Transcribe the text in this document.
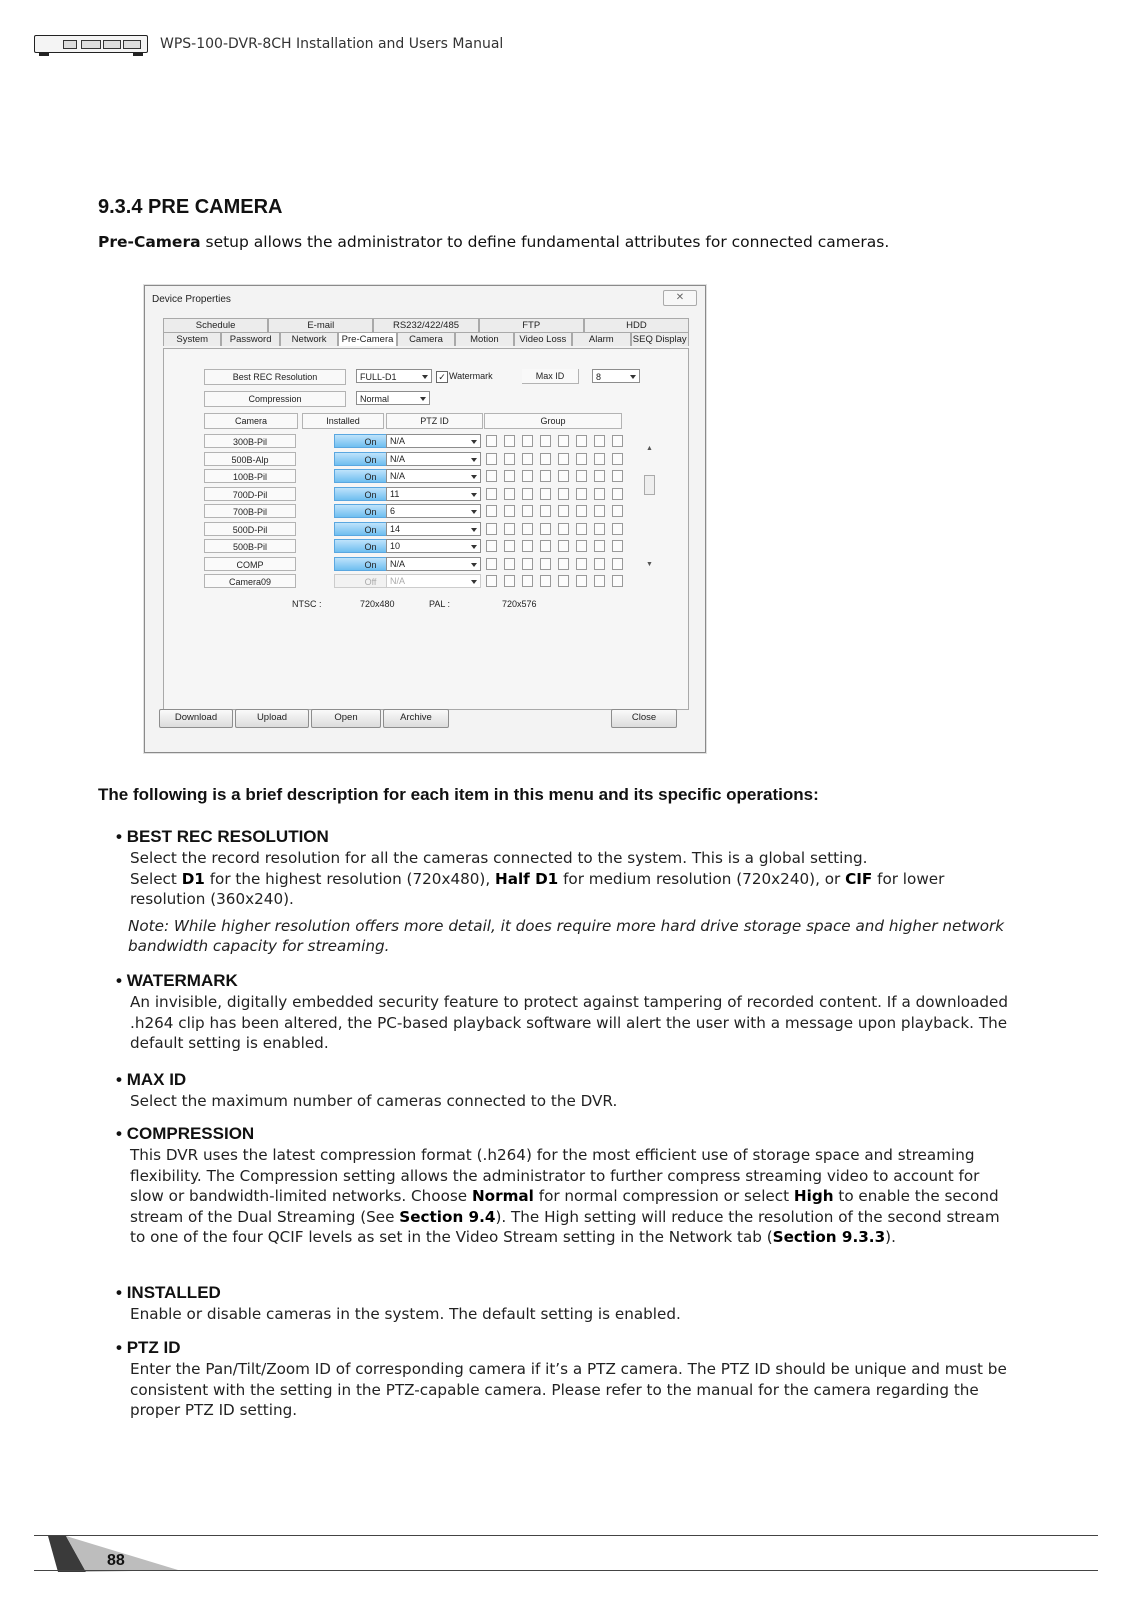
WPS-100-DVR-8CH Installation and Users Manual
9.3.4 PRE CAMERA
Pre-Camera setup allows the administrator to define fundamental attributes for connected cameras.
Device Properties	✕
Schedule	E-mail	RS232/422/485	FTP	HDD
System	Password	Network	Pre-Camera	Camera	Motion	Video Loss	Alarm	SEQ Display
Best REC Resolution	FULL-D1	✓ Watermark	Max ID	8
Compression	Normal
Camera	Installed	PTZ ID	Group
300B-Pil	On	N/A
500B-Alp	On	N/A
100B-Pil	On	N/A
700D-Pil	On	11
700B-Pil	On	6
500D-Pil	On	14
500B-Pil	On	10
COMP	On	N/A
Camera09	Off	N/A
▲
▼
NTSC :	720x480	PAL :	720x576
Download	Upload	Open	Archive	Close
The following is a brief description for each item in this menu and its specific operations:
• BEST REC RESOLUTION

Select the record resolution for all the cameras connected to the system. This is a global setting.
Select D1 for the highest resolution (720x480), Half D1 for medium resolution (720x240), or CIF for lower
resolution (360x240).

Note: While higher resolution offers more detail, it does require more hard drive storage space and higher network bandwidth capacity for streaming.

• WATERMARK

An invisible, digitally embedded security feature to protect against tampering of recorded content. If a downloaded .h264 clip has been altered, the PC-based playback software will alert the user with a message upon playback. The default setting is enabled.

• MAX ID

Select the maximum number of cameras connected to the DVR.

• COMPRESSION

This DVR uses the latest compression format (.h264) for the most efficient use of storage space and streaming flexibility. The Compression setting allows the administrator to further compress streaming video to account for slow or bandwidth-limited networks. Choose Normal for normal compression or select High to enable the second stream of the Dual Streaming (See Section 9.4). The High setting will reduce the resolution of the second stream to one of the four QCIF levels as set in the Video Stream setting in the Network tab (Section 9.3.3).

• INSTALLED

Enable or disable cameras in the system. The default setting is enabled.

• PTZ ID

Enter the Pan/Tilt/Zoom ID of corresponding camera if it’s a PTZ camera. The PTZ ID should be unique and must be consistent with the setting in the PTZ-capable camera. Please refer to the manual for the camera regarding the proper PTZ ID setting.

88
